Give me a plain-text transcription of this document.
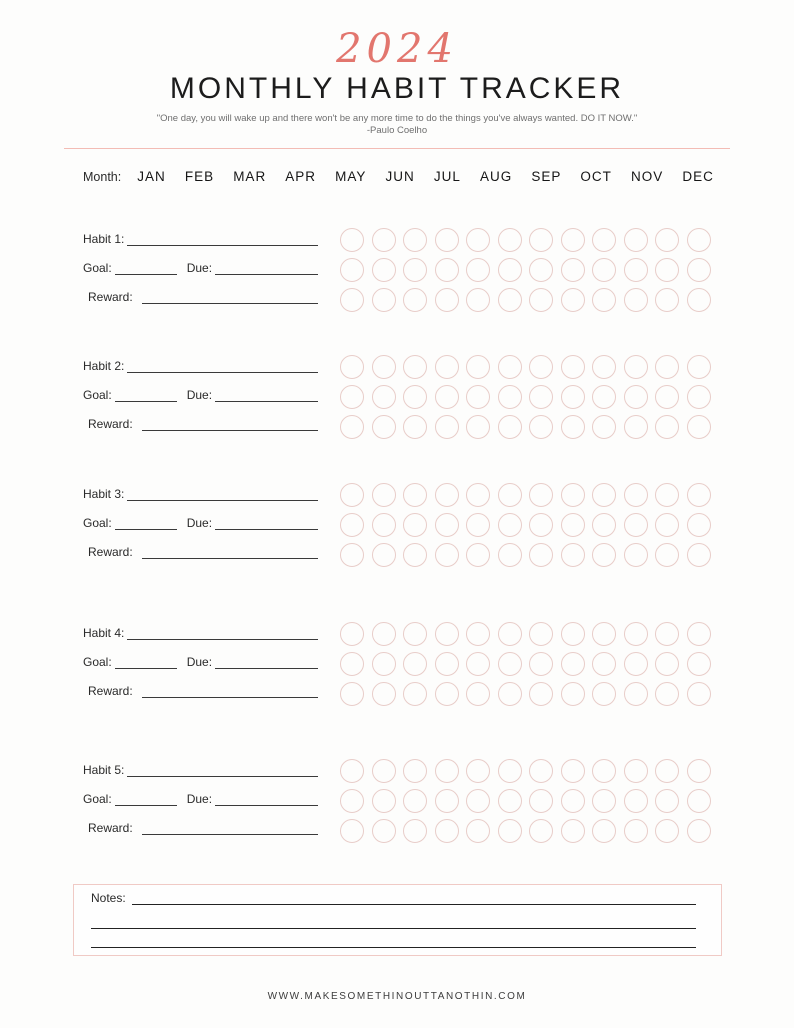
2024
MONTHLY HABIT TRACKER
"One day, you will wake up and there won't be any more time to do the things you've always wanted. DO IT NOW."
-Paulo Coelho
Month: JAN FEB MAR APR MAY JUN JUL AUG SEP OCT NOV DEC
Habit 1:
Goal:	Due:
Reward:
Habit 2:
Goal:	Due:
Reward:
Habit 3:
Goal:	Due:
Reward:
Habit 4:
Goal:	Due:
Reward:
Habit 5:
Goal:	Due:
Reward:
Notes:
WWW.MAKESOMETHINOUTTANOTHIN.COM
